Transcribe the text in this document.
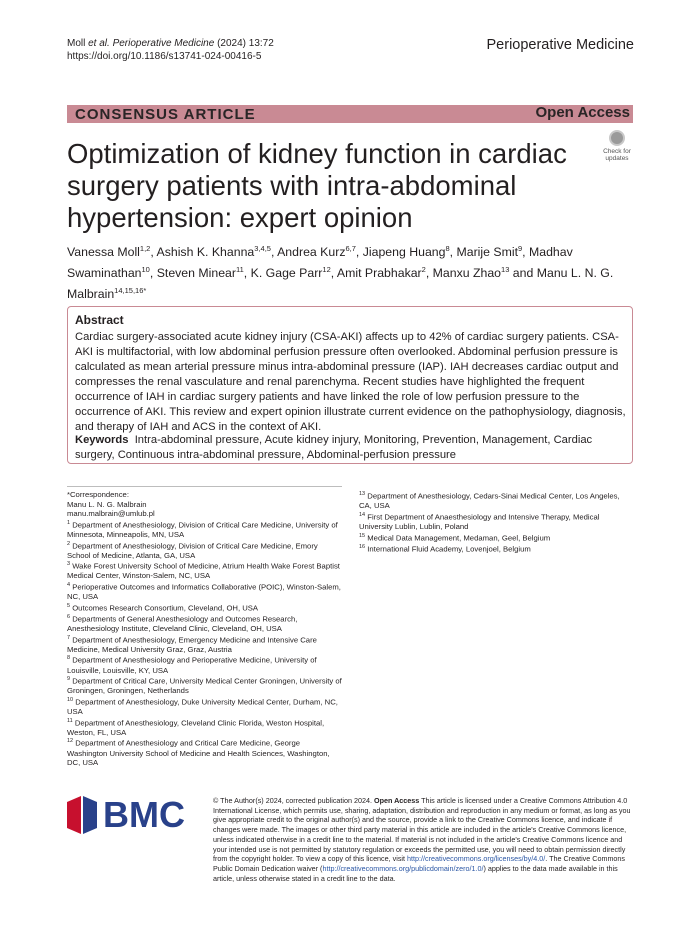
Moll et al. Perioperative Medicine (2024) 13:72
https://doi.org/10.1186/s13741-024-00416-5
Perioperative Medicine
CONSENSUS ARTICLE	Open Access
Check for
updates
Optimization of kidney function in cardiac surgery patients with intra-abdominal hypertension: expert opinion
Vanessa Moll$^{1,2}$, Ashish K. Khanna$^{3,4,5}$, Andrea Kurz$^{6,7}$, Jiapeng Huang$^8$, Marije Smit$^9$, Madhav Swaminathan$^{10}$, Steven Minear$^{11}$, K. Gage Parr$^{12}$, Amit Prabhakar$^2$, Manxu Zhao$^{13}$ and Manu L. N. G. Malbrain$^{14,15,16*}$
Abstract
Cardiac surgery-associated acute kidney injury (CSA-AKI) affects up to 42% of cardiac surgery patients. CSA-AKI is multifactorial, with low abdominal perfusion pressure often overlooked. Abdominal perfusion pressure is calculated as mean arterial pressure minus intra-abdominal pressure (IAP). IAH decreases cardiac output and compresses the renal vasculature and renal parenchyma. Recent studies have highlighted the frequent occurrence of IAH in cardiac surgery patients and have linked the role of low perfusion pressure to the occurrence of AKI. This review and expert opinion illustrate current evidence on the pathophysiology, diagnosis, and therapy of IAH and ACS in the context of AKI.
Keywords Intra-abdominal pressure, Acute kidney injury, Monitoring, Prevention, Management, Cardiac surgery, Continuous intra-abdominal pressure, Abdominal-perfusion pressure

*Correspondence:

Manu L. N. G. Malbrain

manu.malbrain@umlub.pl

$^1$ Department of Anesthesiology, Division of Critical Care Medicine, University of Minnesota, Minneapolis, MN, USA

$^2$ Department of Anesthesiology, Division of Critical Care Medicine, Emory School of Medicine, Atlanta, GA, USA

$^3$ Wake Forest University School of Medicine, Atrium Health Wake Forest Baptist Medical Center, Winston-Salem, NC, USA

$^4$ Perioperative Outcomes and Informatics Collaborative (POIC), Winston-Salem, NC, USA

$^5$ Outcomes Research Consortium, Cleveland, OH, USA

$^6$ Departments of General Anesthesiology and Outcomes Research, Anesthesiology Institute, Cleveland Clinic, Cleveland, OH, USA

$^7$ Department of Anesthesiology, Emergency Medicine and Intensive Care Medicine, Medical University Graz, Graz, Austria

$^8$ Department of Anesthesiology and Perioperative Medicine, University of Louisville, Louisville, KY, USA

$^9$ Department of Critical Care, University Medical Center Groningen, University of Groningen, Groningen, Netherlands

$^{10}$ Department of Anesthesiology, Duke University Medical Center, Durham, NC, USA

$^{11}$ Department of Anesthesiology, Cleveland Clinic Florida, Weston Hospital, Weston, FL, USA

$^{12}$ Department of Anesthesiology and Critical Care Medicine, George Washington University School of Medicine and Health Sciences, Washington, DC, USA

$^{13}$ Department of Anesthesiology, Cedars-Sinai Medical Center, Los Angeles, CA, USA

$^{14}$ First Department of Anaesthesiology and Intensive Therapy, Medical University Lublin, Lublin, Poland

$^{15}$ Medical Data Management, Medaman, Geel, Belgium

$^{16}$ International Fluid Academy, Lovenjoel, Belgium

BMC	© The Author(s) 2024, corrected publication 2024. Open Access This article is licensed under a Creative Commons Attribution 4.0 International License, which permits use, sharing, adaptation, distribution and reproduction in any medium or format, as long as you give appropriate credit to the original author(s) and the source, provide a link to the Creative Commons licence, and indicate if changes were made. The images or other third party material in this article are included in the article's Creative Commons licence, unless indicated otherwise in a credit line to the material. If material is not included in the article's Creative Commons licence and your intended use is not permitted by statutory regulation or exceeds the permitted use, you will need to obtain permission directly from the copyright holder. To view a copy of this licence, visit http://creativecommons.org/licenses/by/4.0/. The Creative Commons Public Domain Dedication waiver (http://creativecommons.org/publicdomain/zero/1.0/) applies to the data made available in this article, unless otherwise stated in a credit line to the data.
